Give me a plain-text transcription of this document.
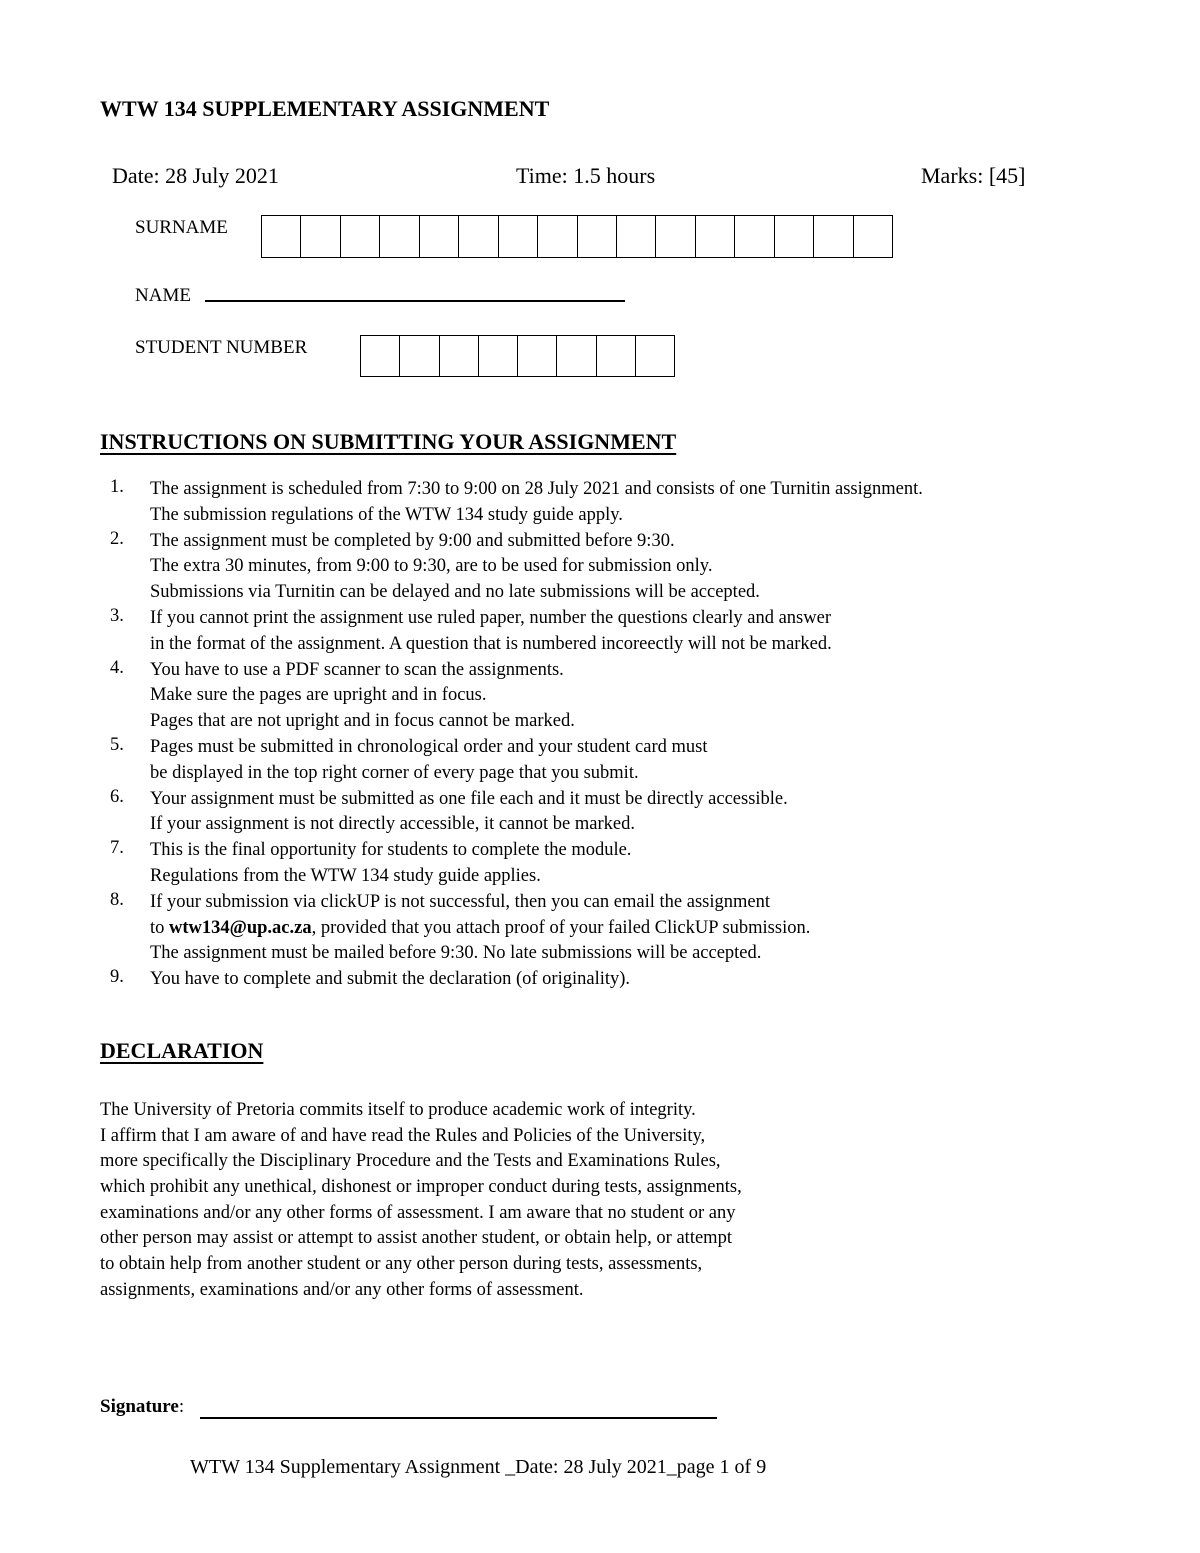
WTW 134 SUPPLEMENTARY ASSIGNMENT
Date: 28 July 2021	Time: 1.5 hours	Marks: [45]
SURNAME
NAME
STUDENT NUMBER
INSTRUCTIONS ON SUBMITTING YOUR ASSIGNMENT
1.	The assignment is scheduled from 7:30 to 9:00 on 28 July 2021 and consists of one Turnitin assignment.
The submission regulations of the WTW 134 study guide apply.
2.	The assignment must be completed by 9:00 and submitted before 9:30.
The extra 30 minutes, from 9:00 to 9:30, are to be used for submission only.
Submissions via Turnitin can be delayed and no late submissions will be accepted.
3.	If you cannot print the assignment use ruled paper, number the questions clearly and answer
in the format of the assignment. A question that is numbered incoreectly will not be marked.
4.	You have to use a PDF scanner to scan the assignments.
Make sure the pages are upright and in focus.
Pages that are not upright and in focus cannot be marked.
5.	Pages must be submitted in chronological order and your student card must
be displayed in the top right corner of every page that you submit.
6.	Your assignment must be submitted as one file each and it must be directly accessible.
If your assignment is not directly accessible, it cannot be marked.
7.	This is the final opportunity for students to complete the module.
Regulations from the WTW 134 study guide applies.
8.	If your submission via clickUP is not successful, then you can email the assignment
to wtw134@up.ac.za, provided that you attach proof of your failed ClickUP submission.
The assignment must be mailed before 9:30. No late submissions will be accepted.
9.	You have to complete and submit the declaration (of originality).
DECLARATION
The University of Pretoria commits itself to produce academic work of integrity.
I affirm that I am aware of and have read the Rules and Policies of the University,
more specifically the Disciplinary Procedure and the Tests and Examinations Rules,
which prohibit any unethical, dishonest or improper conduct during tests, assignments,
examinations and/or any other forms of assessment. I am aware that no student or any
other person may assist or attempt to assist another student, or obtain help, or attempt
to obtain help from another student or any other person during tests, assessments,
assignments, examinations and/or any other forms of assessment.
Signature :
WTW 134 Supplementary Assignment _Date: 28 July 2021_page 1 of 9
